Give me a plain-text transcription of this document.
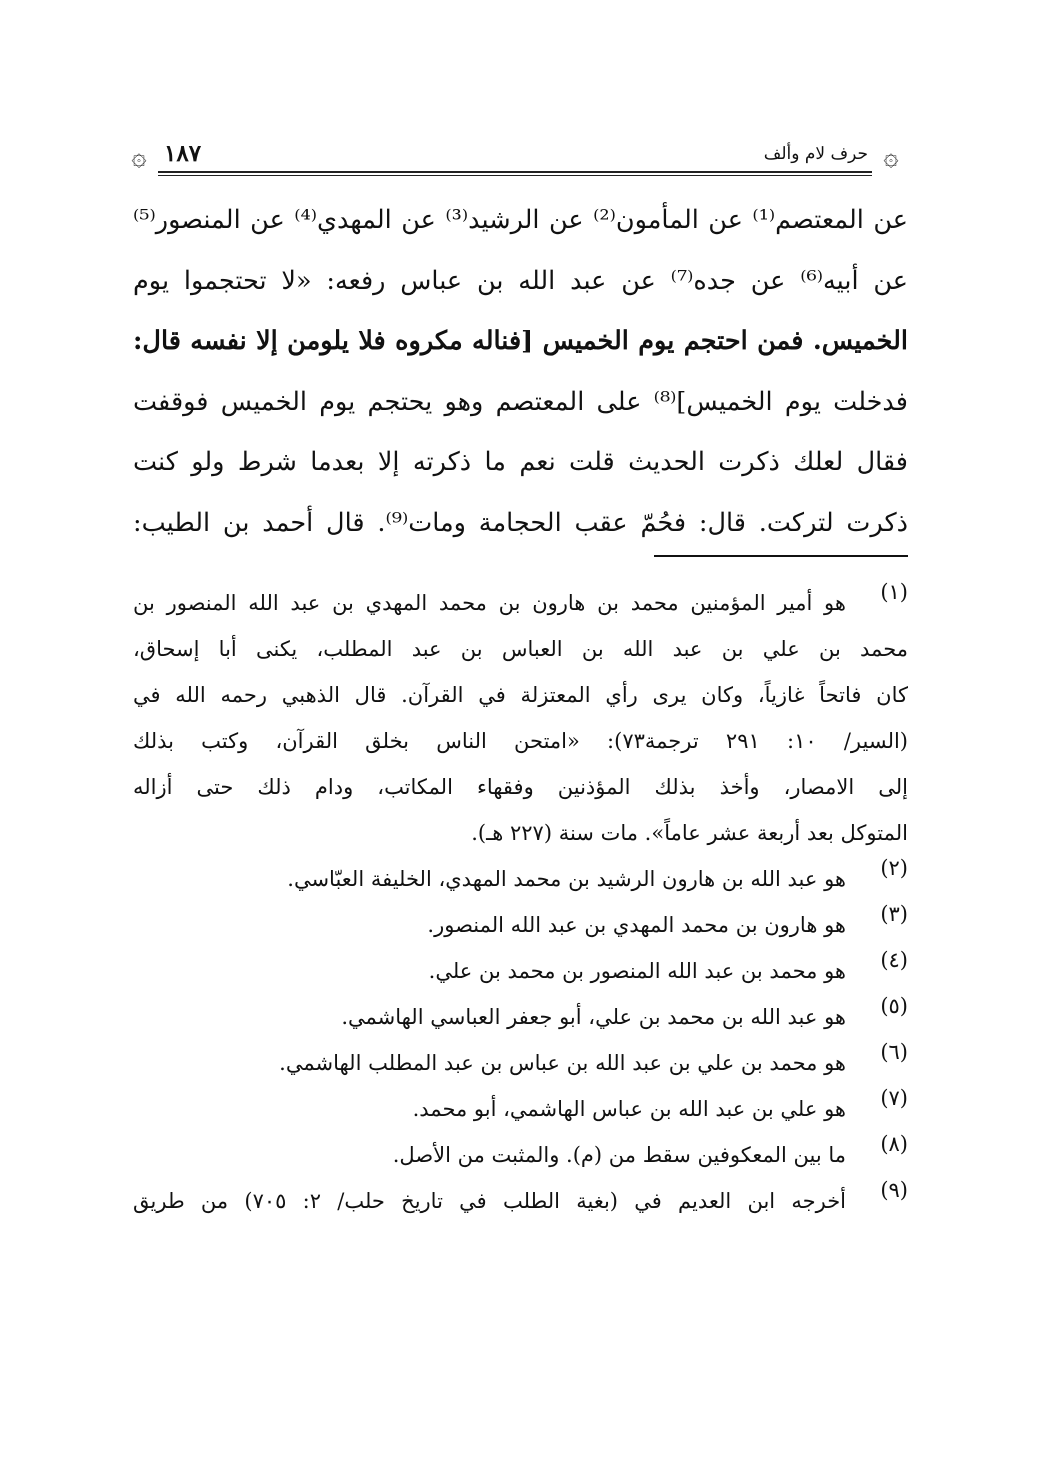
۞
حرف لام وألف
١٨٧
۞
عن المعتصم⁽¹⁾ عن المأمون⁽²⁾ عن الرشيد⁽³⁾ عن المهدي⁽⁴⁾ عن المنصور⁽⁵⁾
عن أبيه⁽⁶⁾ عن جده⁽⁷⁾ عن عبد الله بن عباس رفعه: «لا تحتجموا يوم
الخميس. فمن احتجم يوم الخميس [فناله مكروه فلا يلومن إلا نفسه قال:
فدخلت يوم الخميس]⁽⁸⁾ على المعتصم وهو يحتجم يوم الخميس فوقفت
فقال لعلك ذكرت الحديث قلت نعم ما ذكرته إلا بعدما شرط ولو كنت
ذكرت لتركت. قال: فحُمّ عقب الحجامة ومات⁽⁹⁾. قال أحمد بن الطيب:
(١)
هو أمير المؤمنين محمد بن هارون بن محمد المهدي بن عبد الله المنصور بن
محمد بن علي بن عبد الله بن العباس بن عبد المطلب، يكنى أبا إسحاق،
كان فاتحاً غازياً، وكان يرى رأي المعتزلة في القرآن. قال الذهبي رحمه الله في
(السير/ ١٠: ٢٩١ ترجمة٧٣): «امتحن الناس بخلق القرآن، وكتب بذلك
إلى الامصار، وأخذ بذلك المؤذنين وفقهاء المكاتب، ودام ذلك حتى أزاله
المتوكل بعد أربعة عشر عاماً». مات سنة (٢٢٧ هـ).
(٢)
هو عبد الله بن هارون الرشيد بن محمد المهدي، الخليفة العبّاسي.
(٣)
هو هارون بن محمد المهدي بن عبد الله المنصور.
(٤)
هو محمد بن عبد الله المنصور بن محمد بن علي.
(٥)
هو عبد الله بن محمد بن علي، أبو جعفر العباسي الهاشمي.
(٦)
هو محمد بن علي بن عبد الله بن عباس بن عبد المطلب الهاشمي.
(٧)
هو علي بن عبد الله بن عباس الهاشمي، أبو محمد.
(٨)
ما بين المعكوفين سقط من (م). والمثبت من الأصل.
(٩)
أخرجه ابن العديم في (بغية الطلب في تاريخ حلب/ ٢: ٧٠٥) من طريق
